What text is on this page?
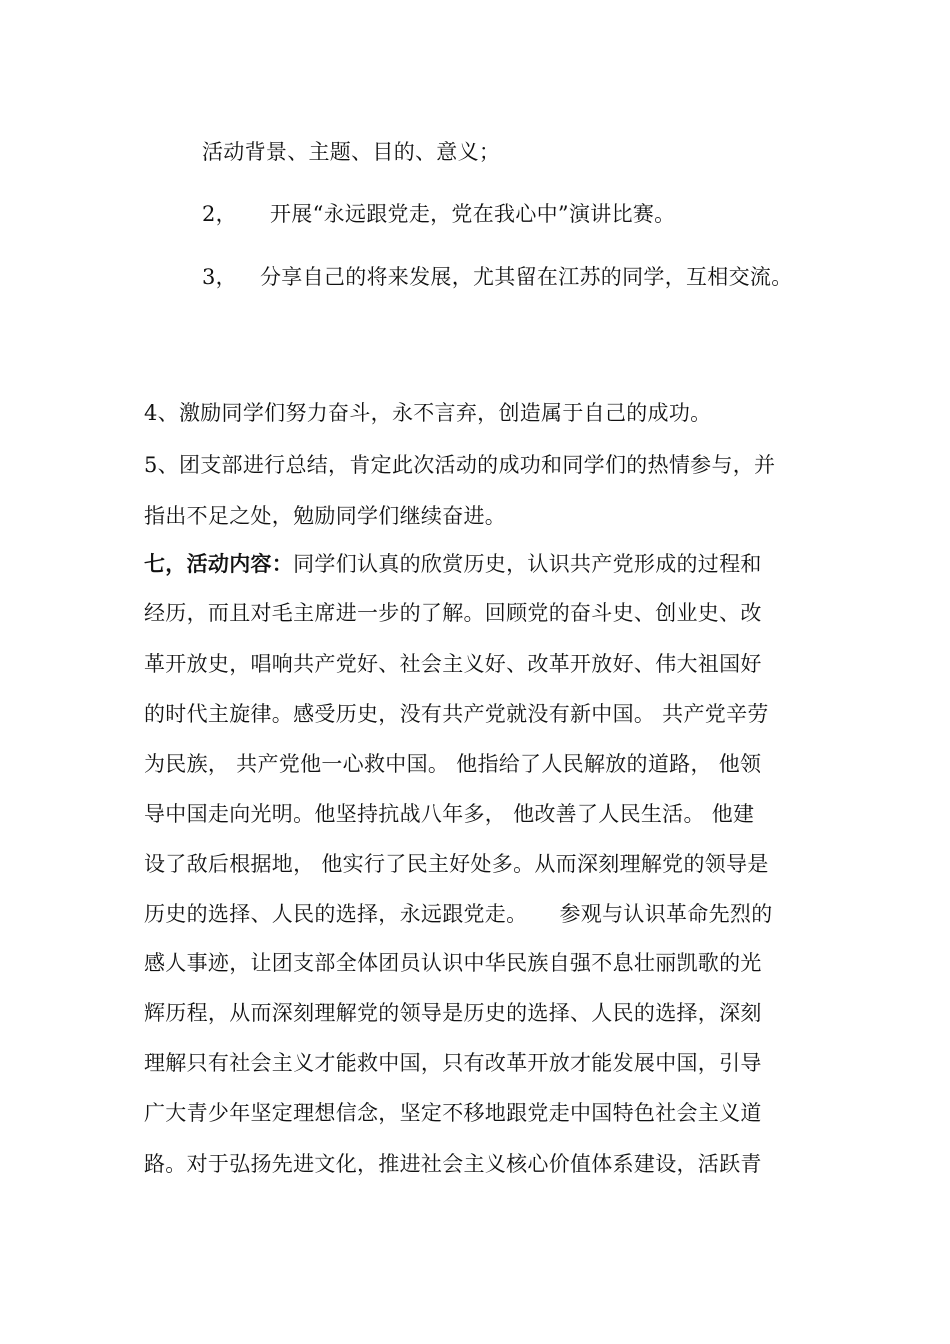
活动背景、主题、目的、意义；
2， 开展“永远跟党走，党在我心中”演讲比赛。
3， 分享自己的将来发展，尤其留在江苏的同学，互相交流。
4、激励同学们努力奋斗，永不言弃，创造属于自己的成功。
5、团支部进行总结，肯定此次活动的成功和同学们的热情参与，并
指出不足之处，勉励同学们继续奋进。
七，活动内容：同学们认真的欣赏历史，认识共产党形成的过程和
经历，而且对毛主席进一步的了解。回顾党的奋斗史、创业史、改
革开放史，唱响共产党好、社会主义好、改革开放好、伟大祖国好
的时代主旋律。感受历史，没有共产党就没有新中国。 共产党辛劳
为民族， 共产党他一心救中国。 他指给了人民解放的道路， 他领
导中国走向光明。他坚持抗战八年多， 他改善了人民生活。 他建
设了敌后根据地， 他实行了民主好处多。从而深刻理解党的领导是
历史的选择、人民的选择，永远跟党走。　　参观与认识革命先烈的
感人事迹，让团支部全体团员认识中华民族自强不息壮丽凯歌的光
辉历程，从而深刻理解党的领导是历史的选择、人民的选择，深刻
理解只有社会主义才能救中国，只有改革开放才能发展中国，引导
广大青少年坚定理想信念，坚定不移地跟党走中国特色社会主义道
路。对于弘扬先进文化，推进社会主义核心价值体系建设，活跃青
